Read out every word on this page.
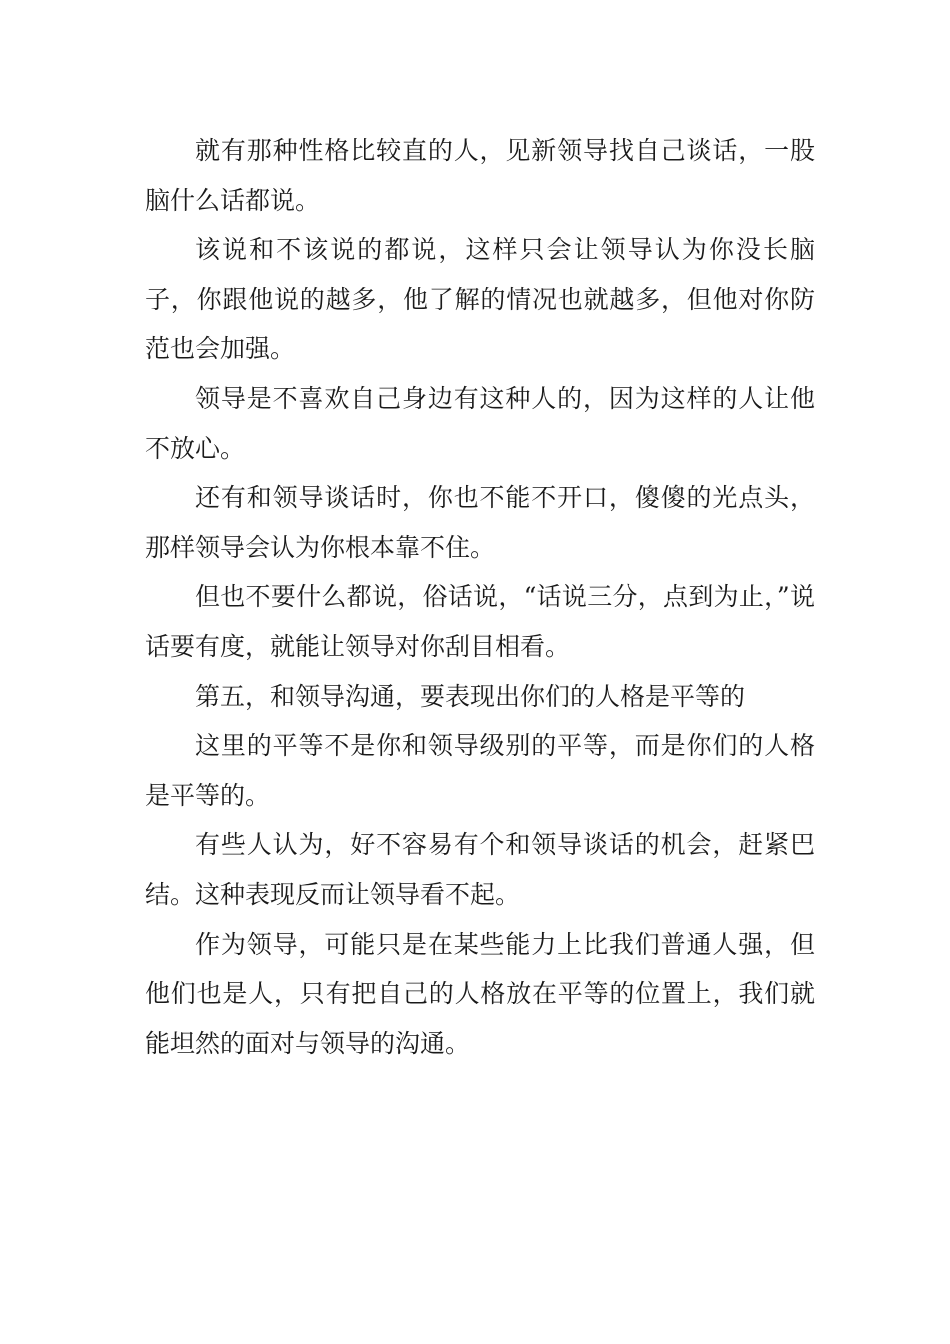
就有那种性格比较直的人，见新领导找自己谈话，一股脑什么话都说。

该说和不该说的都说，这样只会让领导认为你没长脑子，你跟他说的越多，他了解的情况也就越多，但他对你防范也会加强。

领导是不喜欢自己身边有这种人的，因为这样的人让他不放心。

还有和领导谈话时，你也不能不开口，傻傻的光点头，那样领导会认为你根本靠不住。

但也不要什么都说，俗话说，“话说三分，点到为止，”说话要有度，就能让领导对你刮目相看。

第五，和领导沟通，要表现出你们的人格是平等的

这里的平等不是你和领导级别的平等，而是你们的人格是平等的。

有些人认为，好不容易有个和领导谈话的机会，赶紧巴结。这种表现反而让领导看不起。

作为领导，可能只是在某些能力上比我们普通人强，但他们也是人，只有把自己的人格放在平等的位置上，我们就能坦然的面对与领导的沟通。
